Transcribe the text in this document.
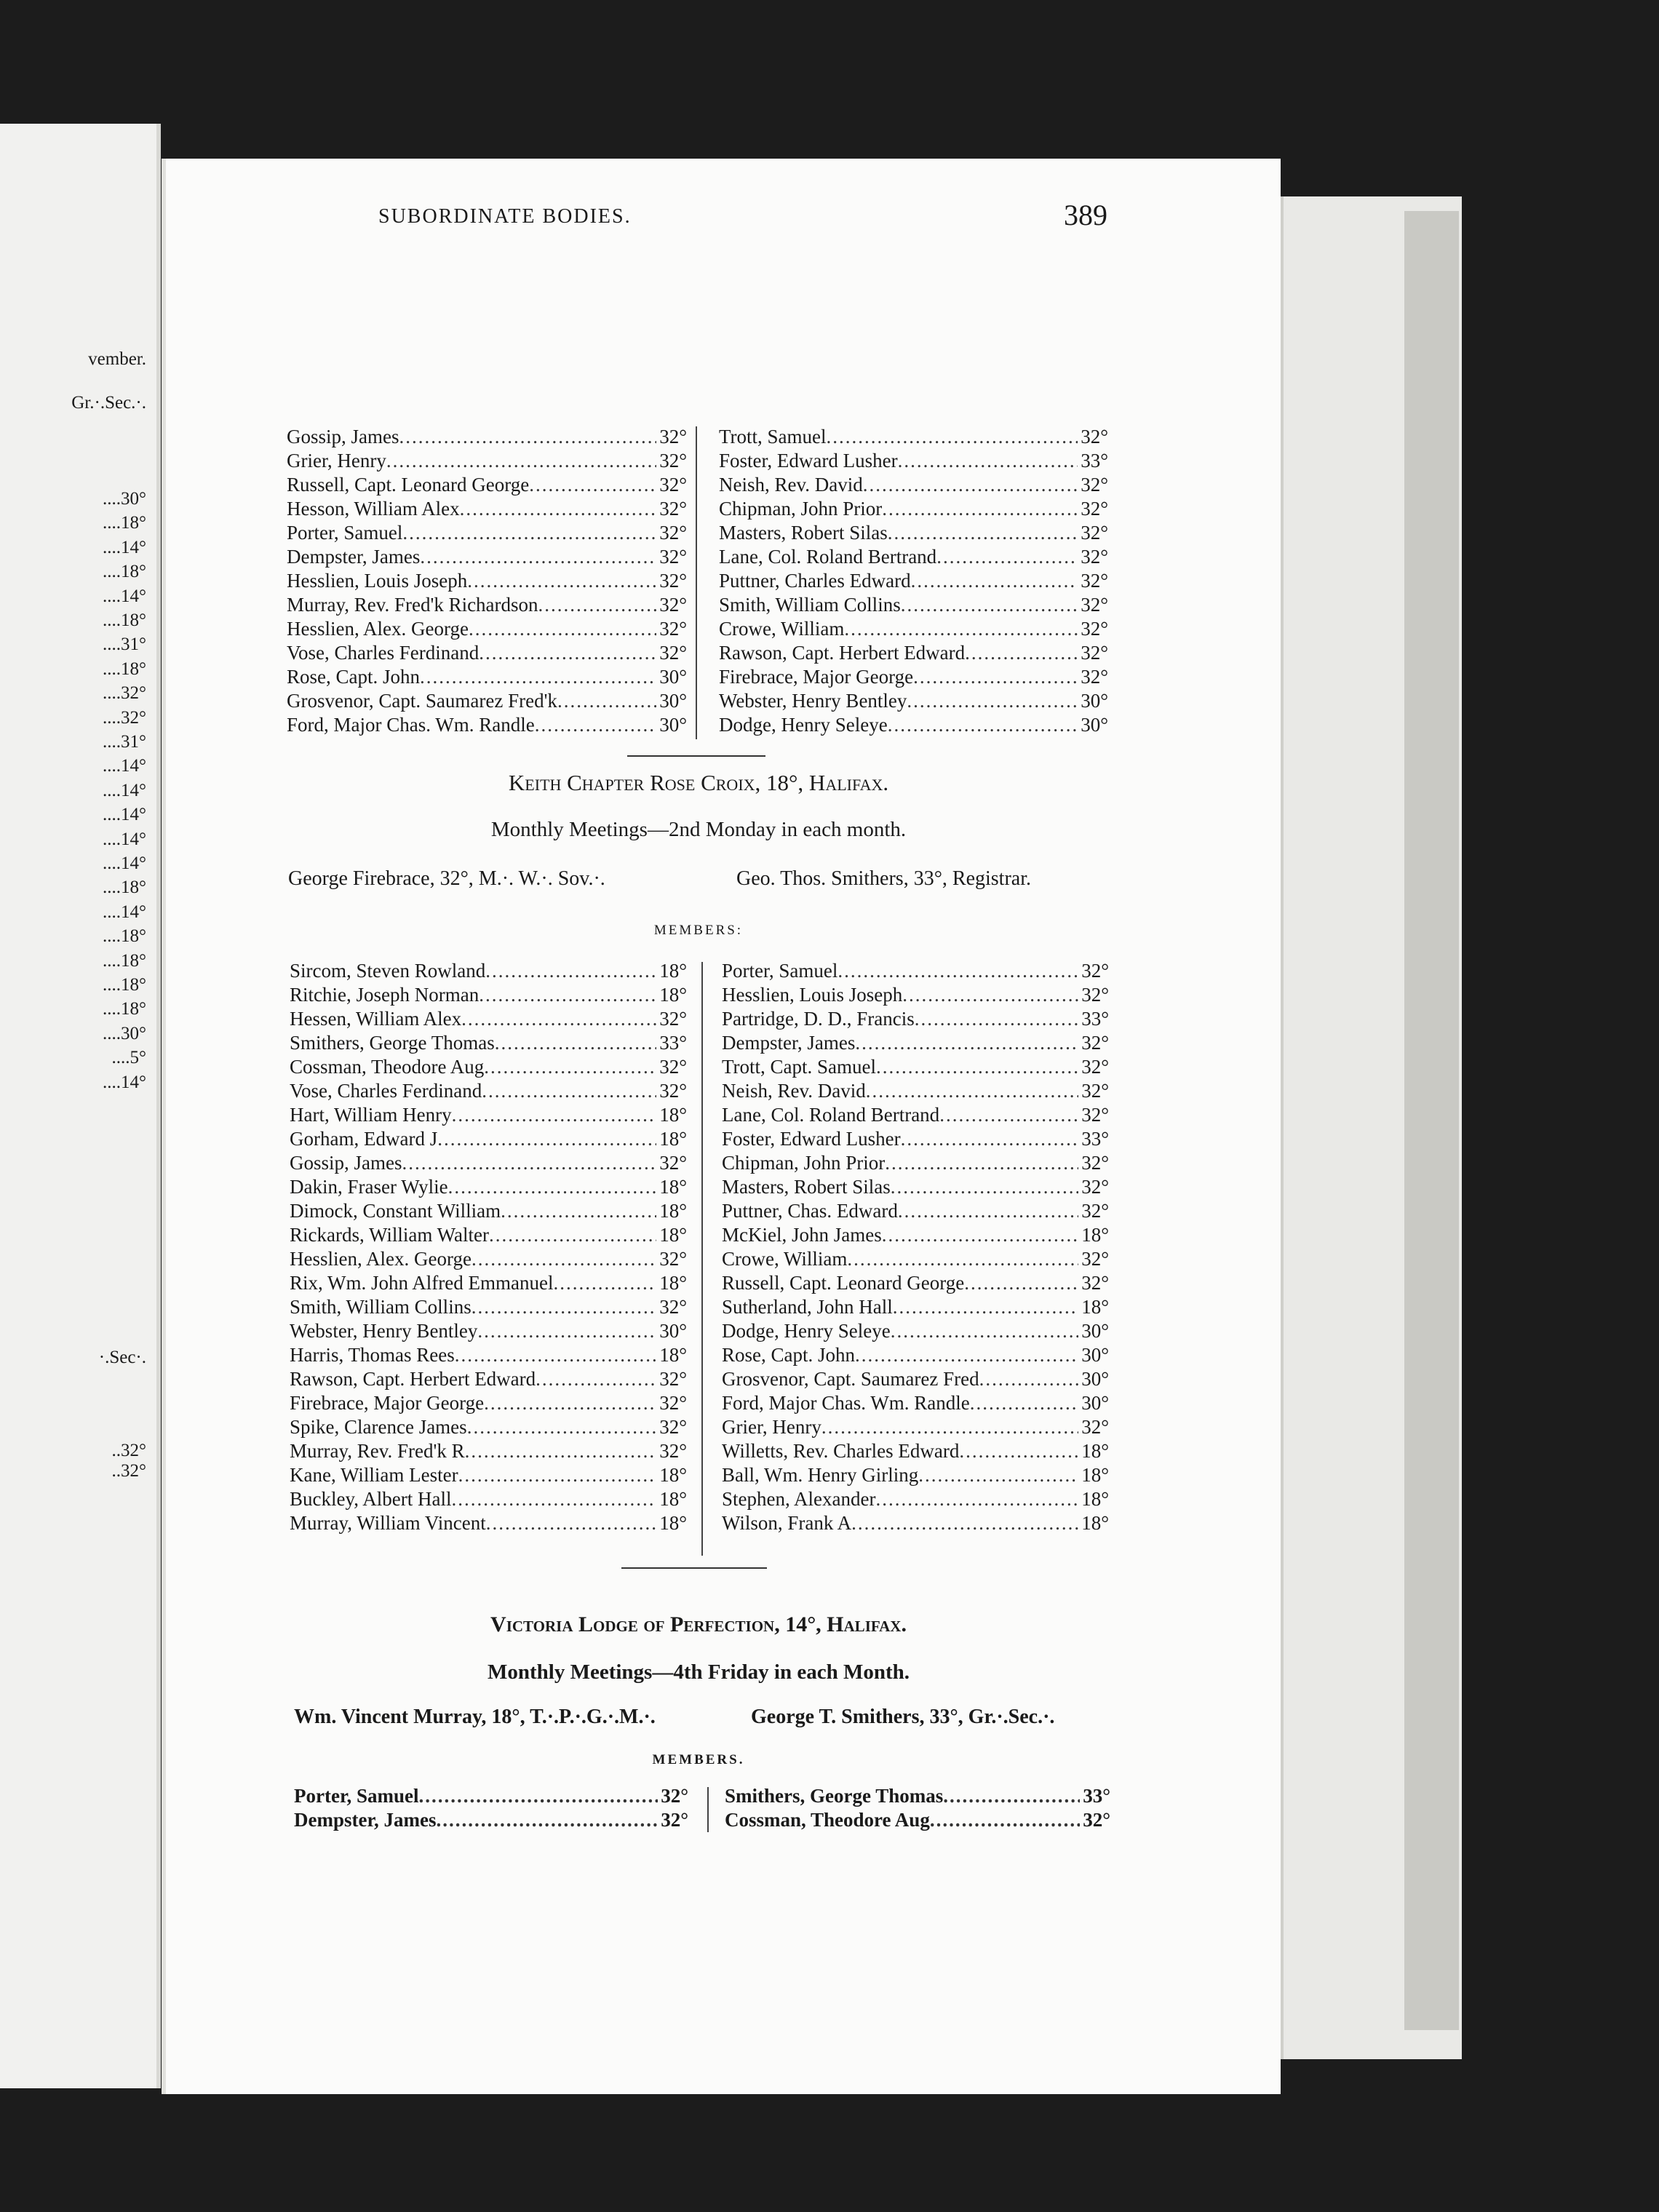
vember.
Gr.·.Sec.·.
....30°
....18°
....14°
....18°
....14°
....18°
....31°
....18°
....32°
....32°
....31°
....14°
....14°
....14°
....14°
....14°
....18°
....14°
....18°
....18°
....18°
....18°
....30°
....5°
....14°
·.Sec·.
..32°
..32°
SUBORDINATE BODIES.	389
Gossip, James .....	32°
Grier, Henry .....	32°
Russell, Capt. Leonard George .....	32°
Hesson, William Alex .....	32°
Porter, Samuel .....	32°
Dempster, James .....	32°
Hesslien, Louis Joseph .....	32°
Murray, Rev. Fred'k Richardson .....	32°
Hesslien, Alex. George .....	32°
Vose, Charles Ferdinand .....	32°
Rose, Capt. John .....	30°
Grosvenor, Capt. Saumarez Fred'k .....	30°
Ford, Major Chas. Wm. Randle .....	30°
Trott, Samuel .....	32°
Foster, Edward Lusher .....	33°
Neish, Rev. David .....	32°
Chipman, John Prior .....	32°
Masters, Robert Silas .....	32°
Lane, Col. Roland Bertrand .....	32°
Puttner, Charles Edward .....	32°
Smith, William Collins .....	32°
Crowe, William .....	32°
Rawson, Capt. Herbert Edward .....	32°
Firebrace, Major George .....	32°
Webster, Henry Bentley .....	30°
Dodge, Henry Seleye .....	30°
Keith Chapter Rose Croix, 18°, Halifax.
Monthly Meetings—2nd Monday in each month.
George Firebrace, 32°, M.·. W.·. Sov.·.	Geo. Thos. Smithers, 33°, Registrar.
MEMBERS:
Sircom, Steven Rowland .....	18°
Ritchie, Joseph Norman .....	18°
Hessen, William Alex .....	32°
Smithers, George Thomas .....	33°
Cossman, Theodore Aug .....	32°
Vose, Charles Ferdinand .....	32°
Hart, William Henry .....	18°
Gorham, Edward J .....	18°
Gossip, James .....	32°
Dakin, Fraser Wylie .....	18°
Dimock, Constant William .....	18°
Rickards, William Walter .....	18°
Hesslien, Alex. George .....	32°
Rix, Wm. John Alfred Emmanuel .....	18°
Smith, William Collins .....	32°
Webster, Henry Bentley .....	30°
Harris, Thomas Rees .....	18°
Rawson, Capt. Herbert Edward .....	32°
Firebrace, Major George .....	32°
Spike, Clarence James .....	32°
Murray, Rev. Fred'k R .....	32°
Kane, William Lester .....	18°
Buckley, Albert Hall .....	18°
Murray, William Vincent .....	18°
Porter, Samuel .....	32°
Hesslien, Louis Joseph .....	32°
Partridge, D. D., Francis .....	33°
Dempster, James .....	32°
Trott, Capt. Samuel .....	32°
Neish, Rev. David .....	32°
Lane, Col. Roland Bertrand .....	32°
Foster, Edward Lusher .....	33°
Chipman, John Prior .....	32°
Masters, Robert Silas .....	32°
Puttner, Chas. Edward .....	32°
McKiel, John James .....	18°
Crowe, William .....	32°
Russell, Capt. Leonard George .....	32°
Sutherland, John Hall .....	18°
Dodge, Henry Seleye .....	30°
Rose, Capt. John .....	30°
Grosvenor, Capt. Saumarez Fred .....	30°
Ford, Major Chas. Wm. Randle .....	30°
Grier, Henry .....	32°
Willetts, Rev. Charles Edward .....	18°
Ball, Wm. Henry Girling .....	18°
Stephen, Alexander .....	18°
Wilson, Frank A .....	18°
Victoria Lodge of Perfection, 14°, Halifax.
Monthly Meetings—4th Friday in each Month.
Wm. Vincent Murray, 18°, T.·.P.·.G.·.M.·.	George T. Smithers, 33°, Gr.·.Sec.·.
MEMBERS.
Porter, Samuel .....	32°
Dempster, James .....	32°
Smithers, George Thomas .....	33°
Cossman, Theodore Aug .....	32°
